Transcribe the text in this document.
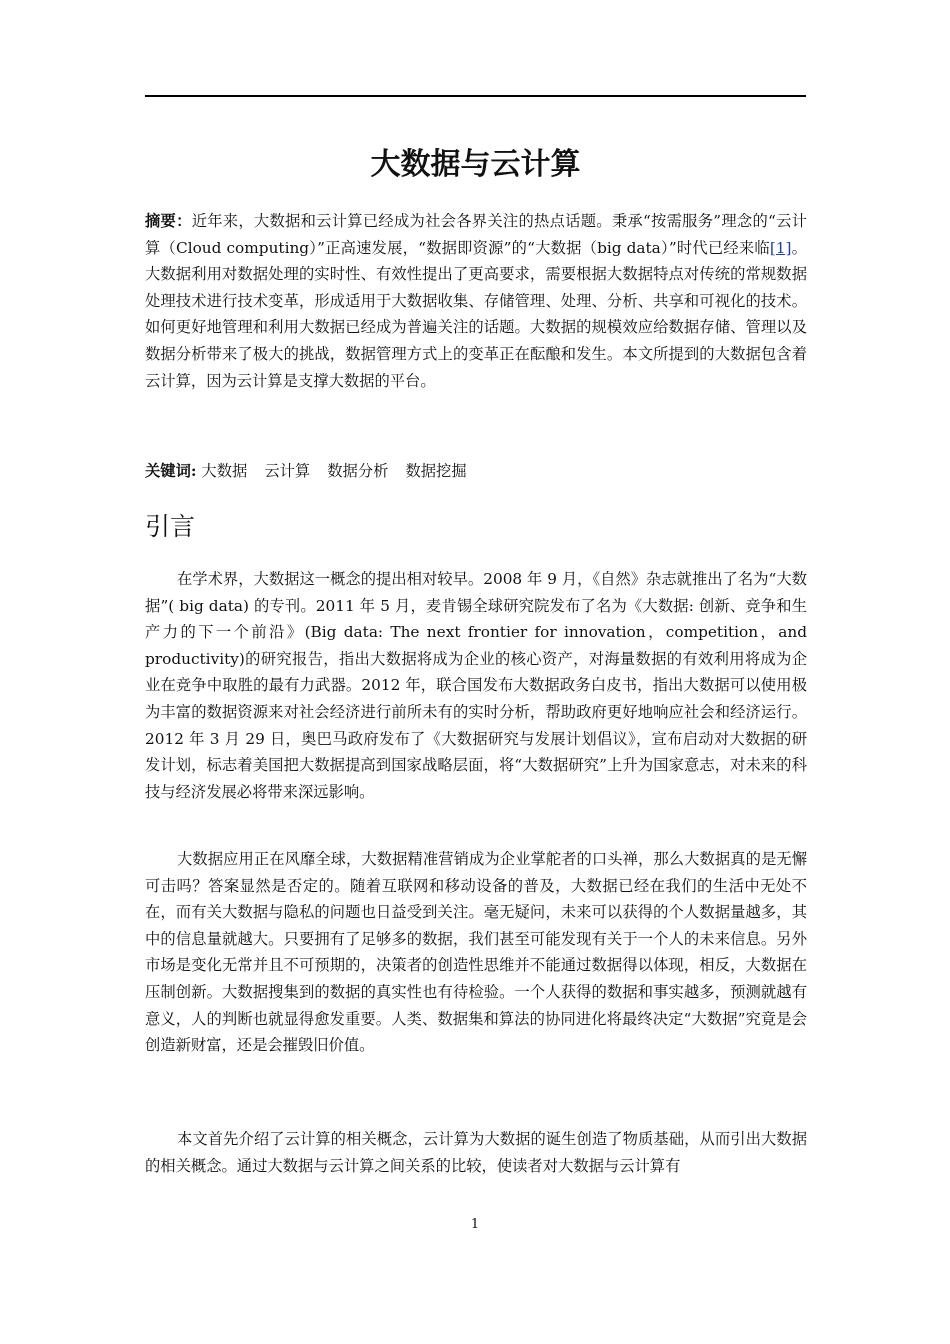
大数据与云计算
摘要：近年来，大数据和云计算已经成为社会各界关注的热点话题。秉承“按需服务”理念的“云计算（Cloud computing）”正高速发展，“数据即资源”的“大数据（big data）”时代已经来临[1]。大数据利用对数据处理的实时性、有效性提出了更高要求，需要根据大数据特点对传统的常规数据处理技术进行技术变革，形成适用于大数据收集、存储管理、处理、分析、共享和可视化的技术。如何更好地管理和利用大数据已经成为普遍关注的话题。大数据的规模效应给数据存储、管理以及数据分析带来了极大的挑战，数据管理方式上的变革正在酝酿和发生。本文所提到的大数据包含着云计算，因为云计算是支撑大数据的平台。
关键词: 大数据 云计算 数据分析 数据挖掘
引言

在学术界，大数据这一概念的提出相对较早。2008 年 9 月，《自然》杂志就推出了名为“大数据”( big data) 的专刊。2011 年 5 月，麦肯锡全球研究院发布了名为《大数据: 创新、竞争和生产力的下一个前沿》(Big data: The next frontier for innovation，competition，and productivity)的研究报告，指出大数据将成为企业的核心资产，对海量数据的有效利用将成为企业在竞争中取胜的最有力武器。2012 年，联合国发布大数据政务白皮书，指出大数据可以使用极为丰富的数据资源来对社会经济进行前所未有的实时分析，帮助政府更好地响应社会和经济运行。2012 年 3 月 29 日，奥巴马政府发布了《大数据研究与发展计划倡议》，宣布启动对大数据的研发计划，标志着美国把大数据提高到国家战略层面，将“大数据研究”上升为国家意志，对未来的科技与经济发展必将带来深远影响。

大数据应用正在风靡全球，大数据精准营销成为企业掌舵者的口头禅，那么大数据真的是无懈可击吗？答案显然是否定的。随着互联网和移动设备的普及，大数据已经在我们的生活中无处不在，而有关大数据与隐私的问题也日益受到关注。毫无疑问，未来可以获得的个人数据量越多，其中的信息量就越大。只要拥有了足够多的数据，我们甚至可能发现有关于一个人的未来信息。另外市场是变化无常并且不可预期的，决策者的创造性思维并不能通过数据得以体现，相反，大数据在压制创新。大数据搜集到的数据的真实性也有待检验。一个人获得的数据和事实越多，预测就越有意义，人的判断也就显得愈发重要。人类、数据集和算法的协同进化将最终决定“大数据”究竟是会创造新财富，还是会摧毁旧价值。

本文首先介绍了云计算的相关概念，云计算为大数据的诞生创造了物质基础，从而引出大数据的相关概念。通过大数据与云计算之间关系的比较，使读者对大数据与云计算有

1
